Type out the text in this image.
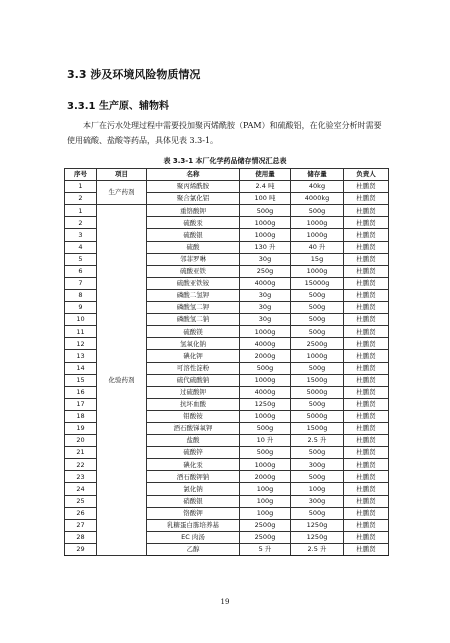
3.3 涉及环境风险物质情况
3.3.1 生产原、辅物料
本厂在污水处理过程中需要投加聚丙烯酰胺（PAM）和硫酸铝，在化验室分析时需要使用硫酸、盐酸等药品，具体见表 3.3-1。
表 3.3-1 本厂化学药品储存情况汇总表
序号	项目	名称	使用量	储存量	负责人
1	生产药剂	聚丙烯酰胺	2.4 吨	40kg	杜鹏贤
2		聚合氯化铝	100 吨	4000kg	杜鹏贤
1	化验药剂	重铬酸钾	500g	500g	杜鹏贤
2		硫酸汞	1000g	1000g	杜鹏贤
3		硫酸银	1000g	1000g	杜鹏贤
4		硫酸	130 升	40 升	杜鹏贤
5		邻菲罗啉	30g	15g	杜鹏贤
6		硫酸亚铁	250g	1000g	杜鹏贤
7		硫酸亚铁铵	4000g	15000g	杜鹏贤
8		磷酸二氢钾	30g	500g	杜鹏贤
9		磷酸氢二钾	30g	500g	杜鹏贤
10		磷酸氢二钠	30g	500g	杜鹏贤
11		硫酸镁	1000g	500g	杜鹏贤
12		氢氧化钠	4000g	2500g	杜鹏贤
13		碘化钾	2000g	1000g	杜鹏贤
14		可溶性淀粉	500g	500g	杜鹏贤
15		硫代硫酸钠	1000g	1500g	杜鹏贤
16		过硫酸钾	4000g	5000g	杜鹏贤
17		抗坏血酸	1250g	500g	杜鹏贤
18		钼酸铵	1000g	5000g	杜鹏贤
19		酒石酸锑氧钾	500g	1500g	杜鹏贤
20		盐酸	10 升	2.5 升	杜鹏贤
21		硫酸锌	500g	500g	杜鹏贤
22		碘化汞	1000g	300g	杜鹏贤
23		酒石酸钾钠	2000g	500g	杜鹏贤
24		氯化钠	100g	100g	杜鹏贤
25		硝酸银	100g	300g	杜鹏贤
26		铬酸钾	100g	500g	杜鹏贤
27		乳糖蛋白胨培养基	2500g	1250g	杜鹏贤
28		EC 肉汤	2500g	1250g	杜鹏贤
29		乙醇	5 升	2.5 升	杜鹏贤
19
